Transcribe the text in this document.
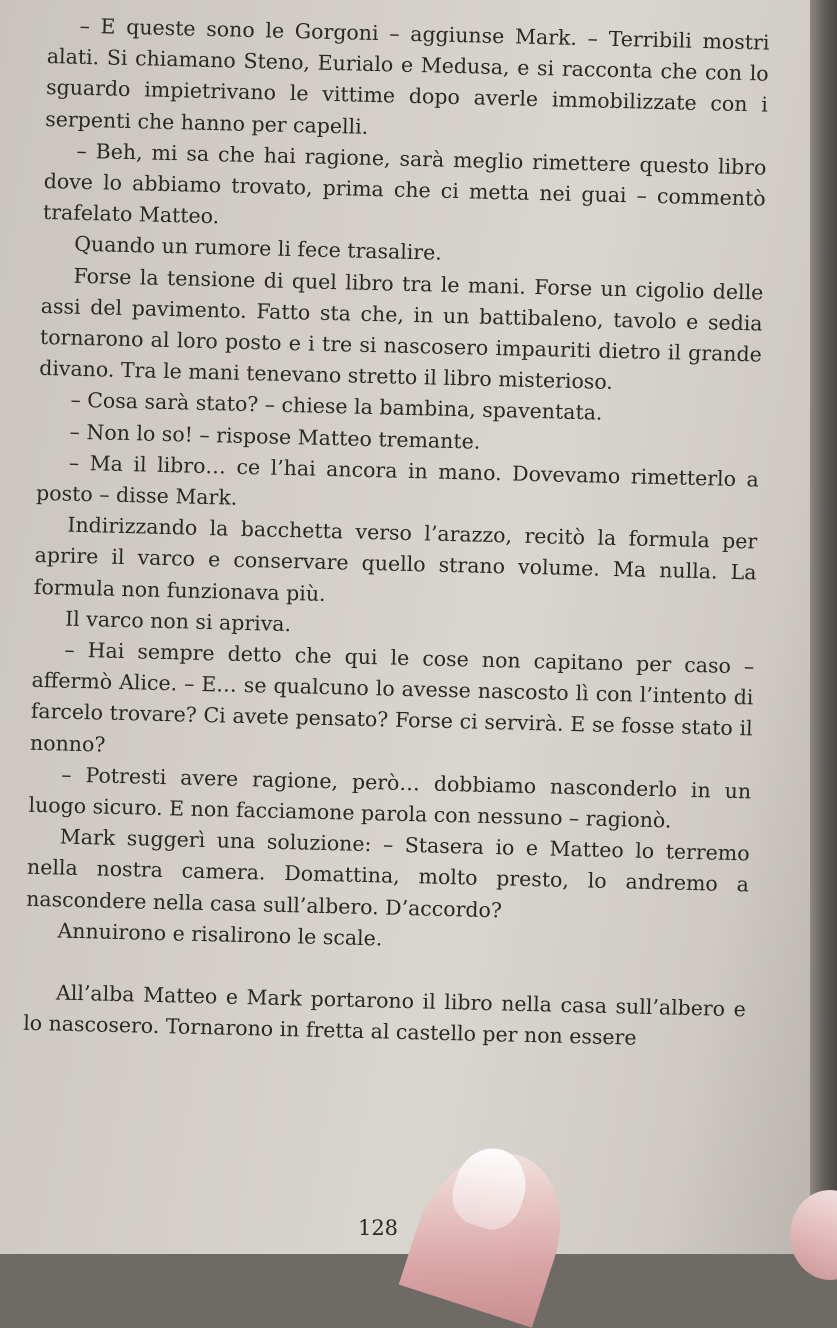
– E queste sono le Gorgoni – aggiunse Mark. – Terribili mostri alati. Si chiamano Steno, Eurialo e Medusa, e si racconta che con lo sguardo impietrivano le vittime dopo averle immobilizzate con i serpenti che hanno per capelli.

– Beh, mi sa che hai ragione, sarà meglio rimettere questo libro dove lo abbiamo trovato, prima che ci metta nei guai – commentò trafelato Matteo.

Quando un rumore li fece trasalire.

Forse la tensione di quel libro tra le mani. Forse un cigolio delle assi del pavimento. Fatto sta che, in un battibaleno, tavolo e sedia tornarono al loro posto e i tre si nascosero impauriti dietro il grande divano. Tra le mani tenevano stretto il libro misterioso.

– Cosa sarà stato? – chiese la bambina, spaventata.

– Non lo so! – rispose Matteo tremante.

– Ma il libro… ce l’hai ancora in mano. Dovevamo rimetterlo a posto – disse Mark.

Indirizzando la bacchetta verso l’arazzo, recitò la formula per aprire il varco e conservare quello strano volume. Ma nulla. La formula non funzionava più.

Il varco non si apriva.

– Hai sempre detto che qui le cose non capitano per caso – affermò Alice. – E… se qualcuno lo avesse nascosto lì con l’intento di farcelo trovare? Ci avete pensato? Forse ci servirà. E se fosse stato il nonno?

– Potresti avere ragione, però… dobbiamo nasconderlo in un luogo sicuro. E non facciamone parola con nessuno – ragionò.

Mark suggerì una soluzione: – Stasera io e Matteo lo terremo nella nostra camera. Domattina, molto presto, lo andremo a nascondere nella casa sull’albero. D’accordo?

Annuirono e risalirono le scale.

All’alba Matteo e Mark portarono il libro nella casa sull’albero e lo nascosero. Tornarono in fretta al castello per non essere

128
